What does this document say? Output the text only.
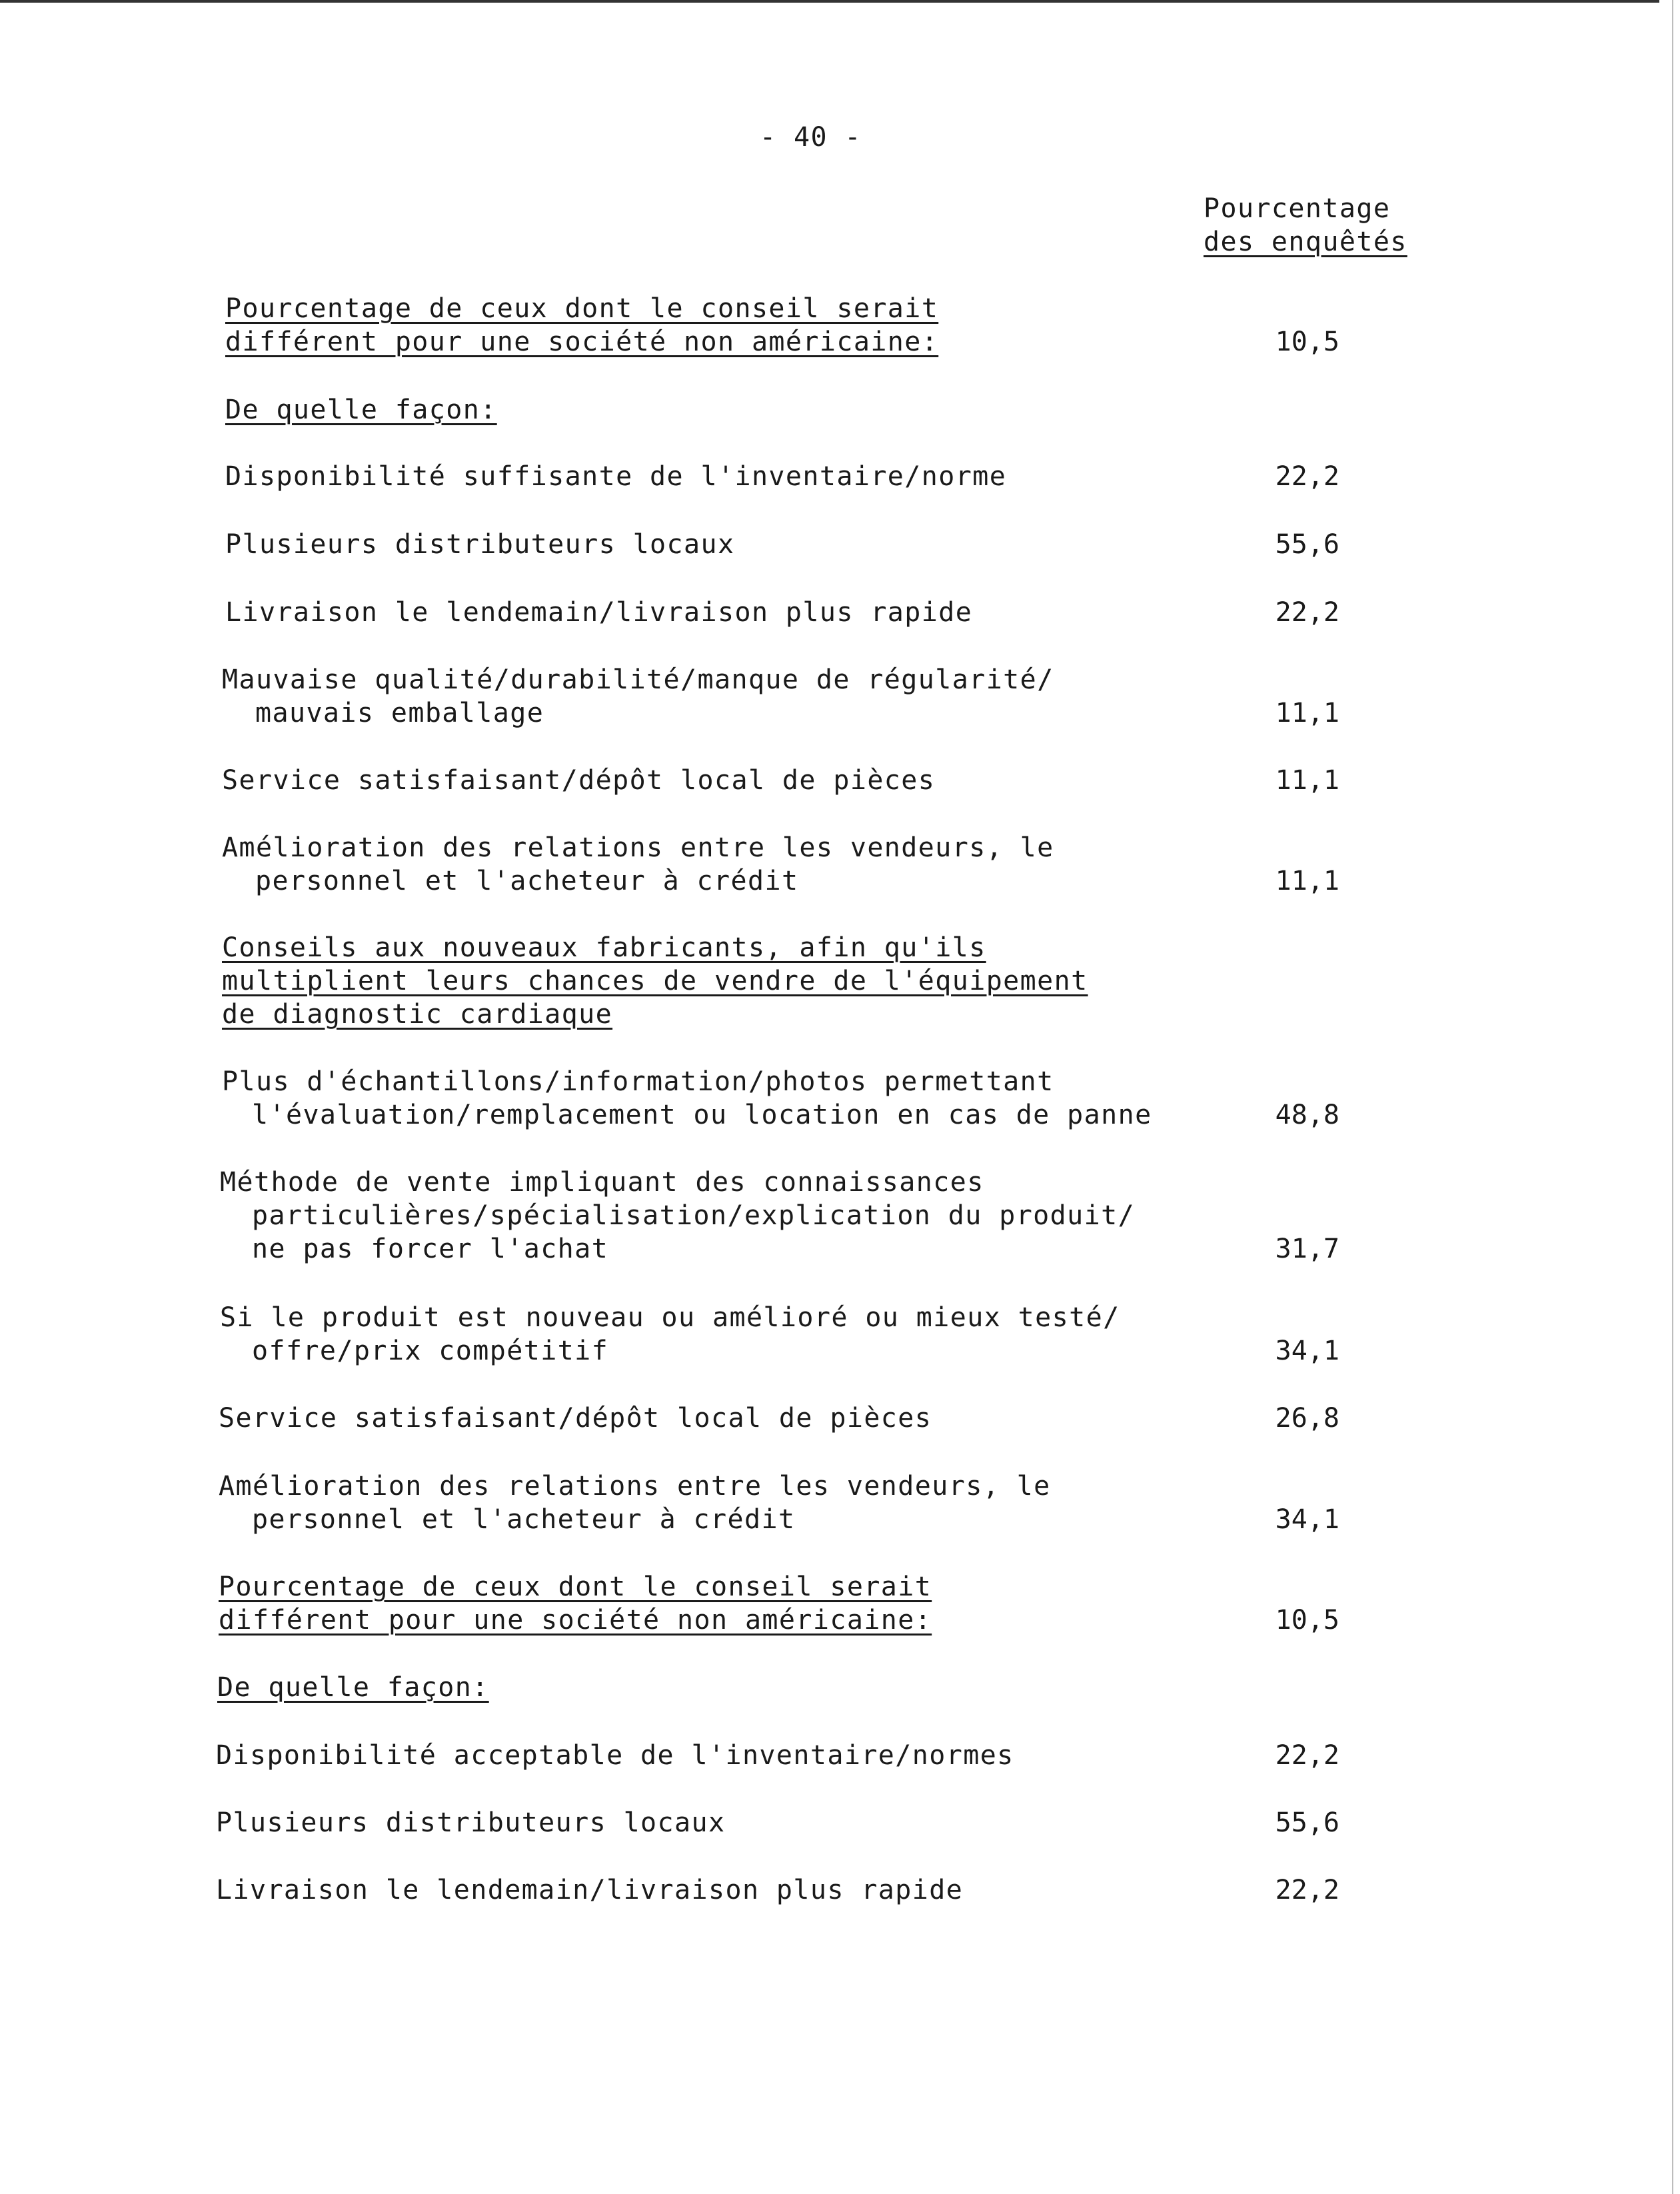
- 40 -
Pourcentage
des enquêtés
Pourcentage de ceux dont le conseil serait
différent pour une société non américaine:	10,5
De quelle façon:
Disponibilité suffisante de l'inventaire/norme	22,2
Plusieurs distributeurs locaux	55,6
Livraison le lendemain/livraison plus rapide	22,2
Mauvaise qualité/durabilité/manque de régularité/
mauvais emballage	11,1
Service satisfaisant/dépôt local de pièces	11,1
Amélioration des relations entre les vendeurs, le
personnel et l'acheteur à crédit	11,1
Conseils aux nouveaux fabricants, afin qu'ils
multiplient leurs chances de vendre de l'équipement
de diagnostic cardiaque
Plus d'échantillons/information/photos permettant
l'évaluation/remplacement ou location en cas de panne	48,8
Méthode de vente impliquant des connaissances
particulières/spécialisation/explication du produit/
ne pas forcer l'achat	31,7
Si le produit est nouveau ou amélioré ou mieux testé/
offre/prix compétitif	34,1
Service satisfaisant/dépôt local de pièces	26,8
Amélioration des relations entre les vendeurs, le
personnel et l'acheteur à crédit	34,1
Pourcentage de ceux dont le conseil serait
différent pour une société non américaine:	10,5
De quelle façon:
Disponibilité acceptable de l'inventaire/normes	22,2
Plusieurs distributeurs locaux	55,6
Livraison le lendemain/livraison plus rapide	22,2
